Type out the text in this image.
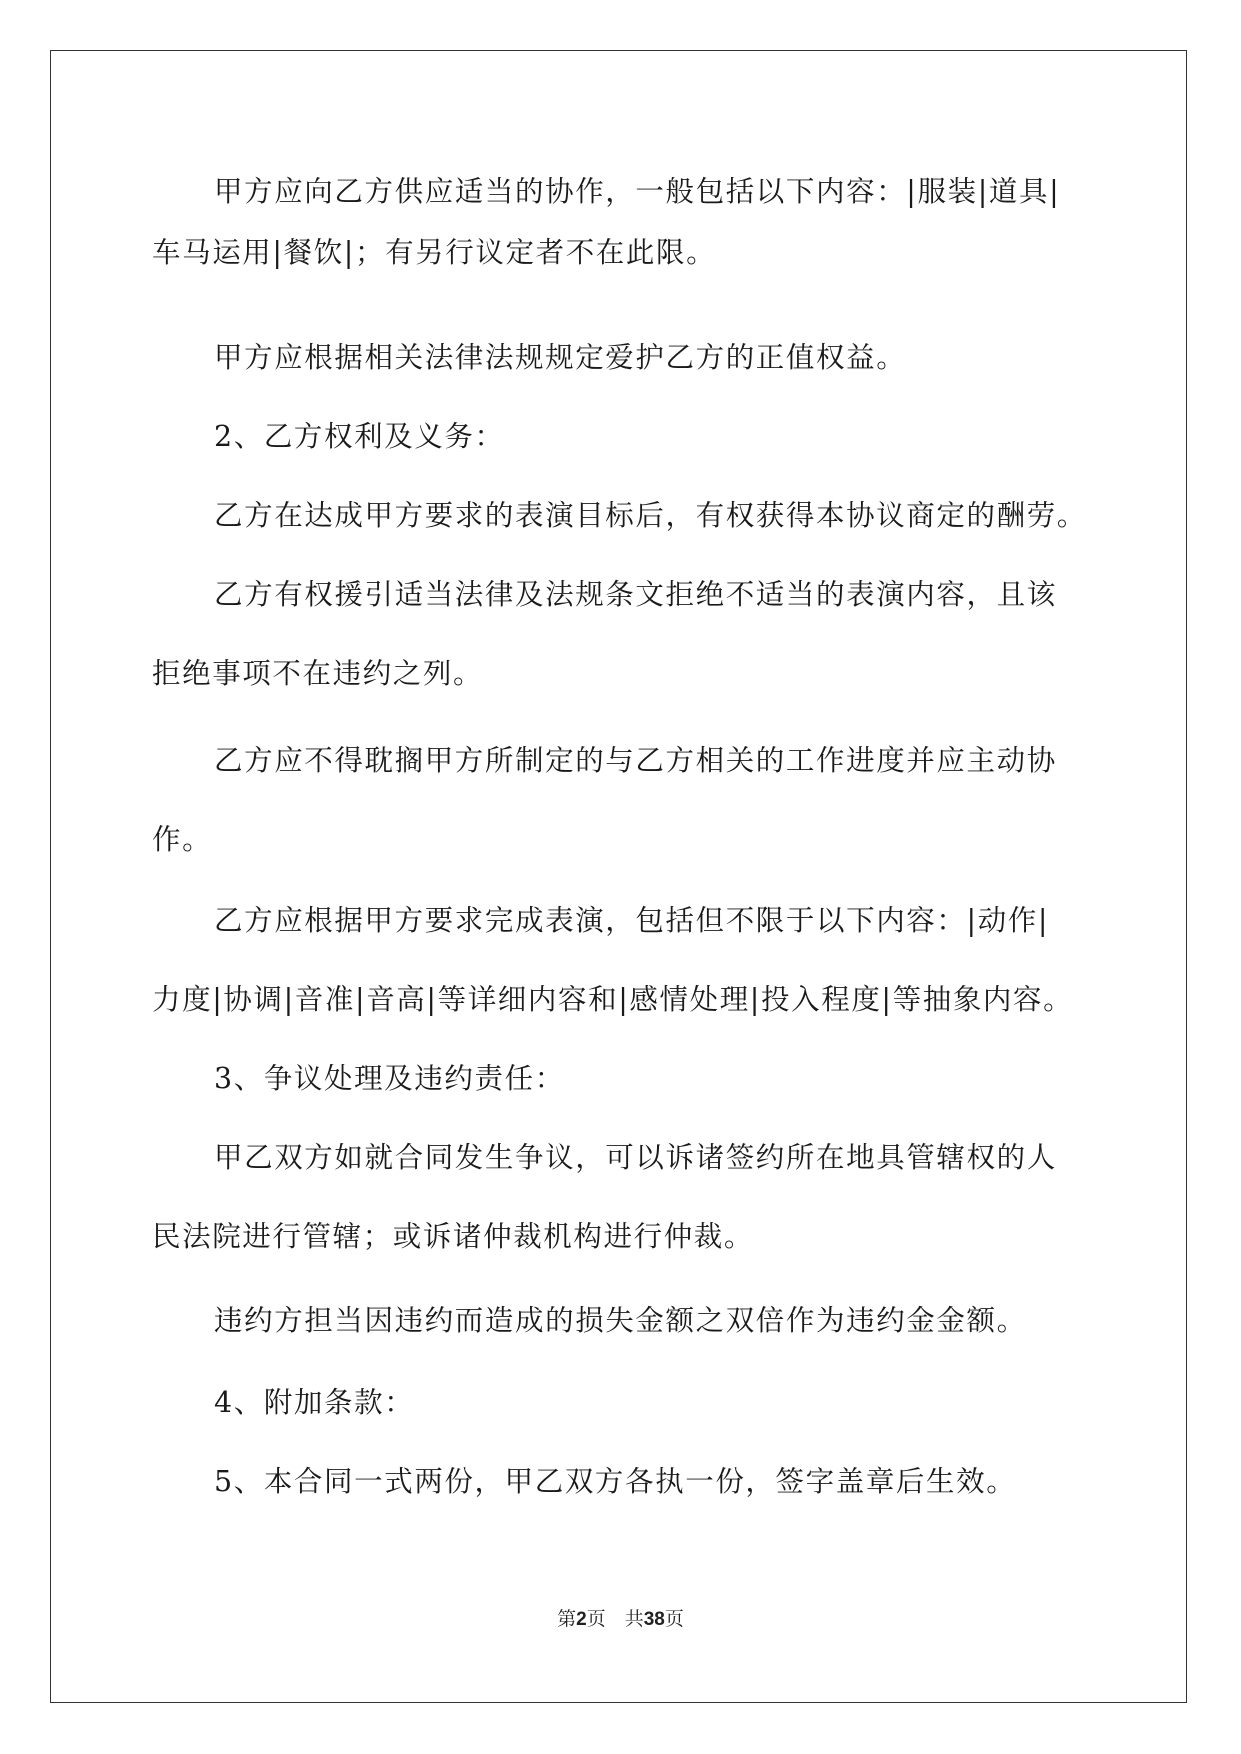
甲方应向乙方供应适当的协作，一般包括以下内容：|服装|道具|
车马运用|餐饮|；有另行议定者不在此限。
甲方应根据相关法律法规规定爱护乙方的正值权益。
2、乙方权利及义务：
乙方在达成甲方要求的表演目标后，有权获得本协议商定的酬劳。
乙方有权援引适当法律及法规条文拒绝不适当的表演内容，且该
拒绝事项不在违约之列。
乙方应不得耽搁甲方所制定的与乙方相关的工作进度并应主动协
作。
乙方应根据甲方要求完成表演，包括但不限于以下内容：|动作|
力度|协调|音准|音高|等详细内容和|感情处理|投入程度|等抽象内容。
3、争议处理及违约责任：
甲乙双方如就合同发生争议，可以诉诸签约所在地具管辖权的人
民法院进行管辖；或诉诸仲裁机构进行仲裁。
违约方担当因违约而造成的损失金额之双倍作为违约金金额。
4、附加条款：
5、本合同一式两份，甲乙双方各执一份，签字盖章后生效。
第2页　共38页
